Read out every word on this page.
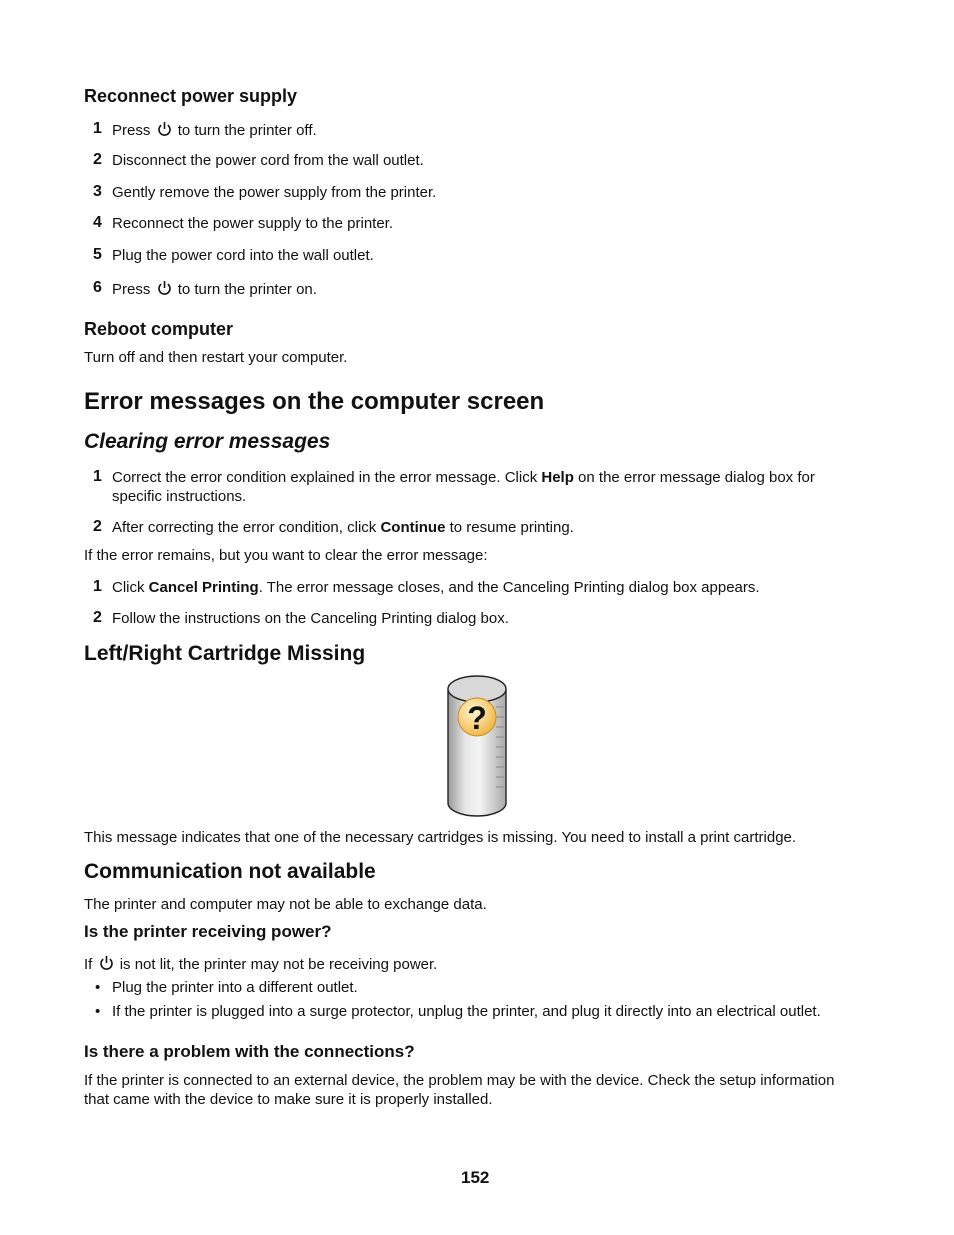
Reconnect power supply
1 Press to turn the printer off.
2 Disconnect the power cord from the wall outlet.
3 Gently remove the power supply from the printer.
4 Reconnect the power supply to the printer.
5 Plug the power cord into the wall outlet.
6 Press to turn the printer on.
Reboot computer
Turn off and then restart your computer.
Error messages on the computer screen
Clearing error messages
1 Correct the error condition explained in the error message. Click Help on the error message dialog box for
specific instructions.
2 After correcting the error condition, click Continue to resume printing.
If the error remains, but you want to clear the error message:
1 Click Cancel Printing. The error message closes, and the Canceling Printing dialog box appears.
2 Follow the instructions on the Canceling Printing dialog box.
Left/Right Cartridge Missing
?
This message indicates that one of the necessary cartridges is missing. You need to install a print cartridge.
Communication not available
The printer and computer may not be able to exchange data.
Is the printer receiving power?
If is not lit, the printer may not be receiving power.
• Plug the printer into a different outlet.
• If the printer is plugged into a surge protector, unplug the printer, and plug it directly into an electrical outlet.
Is there a problem with the connections?
If the printer is connected to an external device, the problem may be with the device. Check the setup information
that came with the device to make sure it is properly installed.
152
